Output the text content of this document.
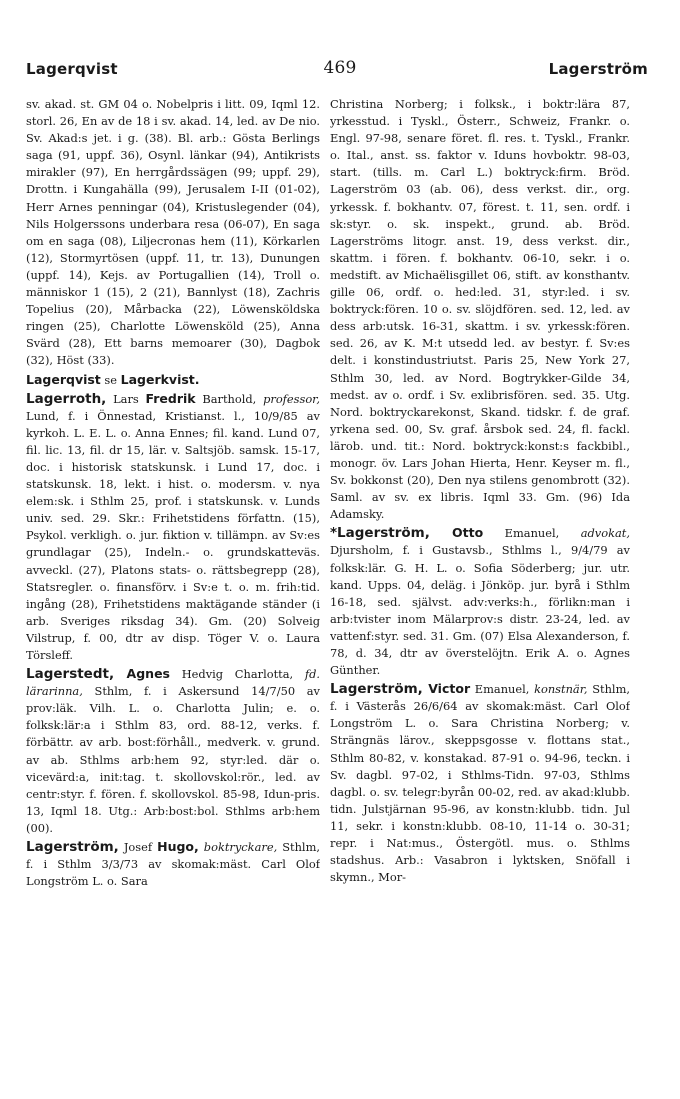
Lagerqvist	469	Lagerström

sv. akad. st. GM 04 o. Nobelpris i litt. 09, Iqml 12. storl. 26, En av de 18 i sv. akad. 14, led. av De nio. Sv. Akad:s jet. i g. (38). Bl. arb.: Gösta Berlings saga (91, uppf. 36), Osynl. länkar (94), Antikrists mirakler (97), En herrgårdssägen (99; uppf. 29), Drottn. i Kungahälla (99), Jerusalem I-II (01-02), Herr Arnes penningar (04), Kristuslegender (04), Nils Holgerssons underbara resa (06-07), En saga om en saga (08), Liljecronas hem (11), Körkarlen (12), Stormyrtösen (uppf. 11, tr. 13), Dunungen (uppf. 14), Kejs. av Portugallien (14), Troll o. människor 1 (15), 2 (21), Bannlyst (18), Zachris Topelius (20), Mårbacka (22), Löwensköldska ringen (25), Charlotte Löwensköld (25), Anna Svärd (28), Ett barns memoarer (30), Dagbok (32), Höst (33).

Lagerqvist se Lagerkvist.

Lagerroth, Lars Fredrik Barthold, professor, Lund, f. i Önnestad, Kristianst. l., 10/9/85 av kyrkoh. L. E. L. o. Anna Ennes; fil. kand. Lund 07, fil. lic. 13, fil. dr 15, lär. v. Saltsjöb. samsk. 15-17, doc. i historisk statskunsk. i Lund 17, doc. i statskunsk. 18, lekt. i hist. o. modersm. v. nya elem:sk. i Sthlm 25, prof. i statskunsk. v. Lunds univ. sed. 29. Skr.: Frihetstidens författn. (15), Psykol. verkligh. o. jur. fiktion v. tillämpn. av Sv:es grundlagar (25), Indeln.- o. grundskatteväs. avveckl. (27), Platons stats- o. rättsbegrepp (28), Statsregler. o. finansförv. i Sv:e t. o. m. frih:tid. ingång (28), Frihetstidens maktägande ständer (i arb. Sveriges riksdag 34). Gm. (20) Solveig Vilstrup, f. 00, dtr av disp. Töger V. o. Laura Törsleff.

Lagerstedt, Agnes Hedvig Charlotta, fd. lärarinna, Sthlm, f. i Askersund 14/7/50 av prov:läk. Vilh. L. o. Charlotta Julin; e. o. folksk:lär:a i Sthlm 83, ord. 88-12, verks. f. förbättr. av arb. bost:förhåll., medverk. v. grund. av ab. Sthlms arb:hem 92, styr:led. där o. vicevärd:a, init:tag. t. skollovskol:rör., led. av centr:styr. f. fören. f. skollovskol. 85-98, Idun-pris. 13, Iqml 18. Utg.: Arb:bost:bol. Sthlms arb:hem (00).

Lagerström, Josef Hugo, boktryckare, Sthlm, f. i Sthlm 3/3/73 av skomak:mäst. Carl Olof Longström L. o. Sara

Christina Norberg; i folksk., i boktr:lära 87, yrkesstud. i Tyskl., Österr., Schweiz, Frankr. o. Engl. 97-98, senare föret. fl. res. t. Tyskl., Frankr. o. Ital., anst. ss. faktor v. Iduns hovboktr. 98-03, start. (tills. m. Carl L.) boktryck:firm. Bröd. Lagerström 03 (ab. 06), dess verkst. dir., org. yrkessk. f. bokhantv. 07, förest. t. 11, sen. ordf. i sk:styr. o. sk. inspekt., grund. ab. Bröd. Lagerströms litogr. anst. 19, dess verkst. dir., skattm. i fören. f. bokhantv. 06-10, sekr. i o. medstift. av Michaëlisgillet 06, stift. av konsthantv. gille 06, ordf. o. hed:led. 31, styr:led. i sv. boktryck:fören. 10 o. sv. slöjdfören. sed. 12, led. av dess arb:utsk. 16-31, skattm. i sv. yrkessk:fören. sed. 26, av K. M:t utsedd led. av bestyr. f. Sv:es delt. i konstindustriutst. Paris 25, New York 27, Sthlm 30, led. av Nord. Bogtrykker-Gilde 34, medst. av o. ordf. i Sv. exlibrisfören. sed. 35. Utg. Nord. boktryckarekonst, Skand. tidskr. f. de graf. yrkena sed. 00, Sv. graf. årsbok sed. 24, fl. fackl. lärob. und. tit.: Nord. boktryck:konst:s fackbibl., monogr. öv. Lars Johan Hierta, Henr. Keyser m. fl., Sv. bokkonst (20), Den nya stilens genombrott (32). Saml. av sv. ex libris. Iqml 33. Gm. (96) Ida Adamsky.

*Lagerström, Otto Emanuel, advokat, Djursholm, f. i Gustavsb., Sthlms l., 9/4/79 av folksk:lär. G. H. L. o. Sofia Söderberg; jur. utr. kand. Upps. 04, deläg. i Jönköp. jur. byrå i Sthlm 16-18, sed. självst. adv:verks:h., förlikn:man i arb:tvister inom Mälarprov:s distr. 23-24, led. av vattenf:styr. sed. 31. Gm. (07) Elsa Alexanderson, f. 78, d. 34, dtr av överstelöjtn. Erik A. o. Agnes Günther.

Lagerström, Victor Emanuel, konstnär, Sthlm, f. i Västerås 26/6/64 av skomak:mäst. Carl Olof Longström L. o. Sara Christina Norberg; v. Strängnäs lärov., skeppsgosse v. flottans stat., Sthlm 80-82, v. konstakad. 87-91 o. 94-96, teckn. i Sv. dagbl. 97-02, i Sthlms-Tidn. 97-03, Sthlms dagbl. o. sv. telegr:byrån 00-02, red. av akad:klubb. tidn. Julstjärnan 95-96, av konstn:klubb. tidn. Jul 11, sekr. i konstn:klubb. 08-10, 11-14 o. 30-31; repr. i Nat:mus., Östergötl. mus. o. Sthlms stadshus. Arb.: Vasabron i lyktsken, Snöfall i skymn., Mor-
